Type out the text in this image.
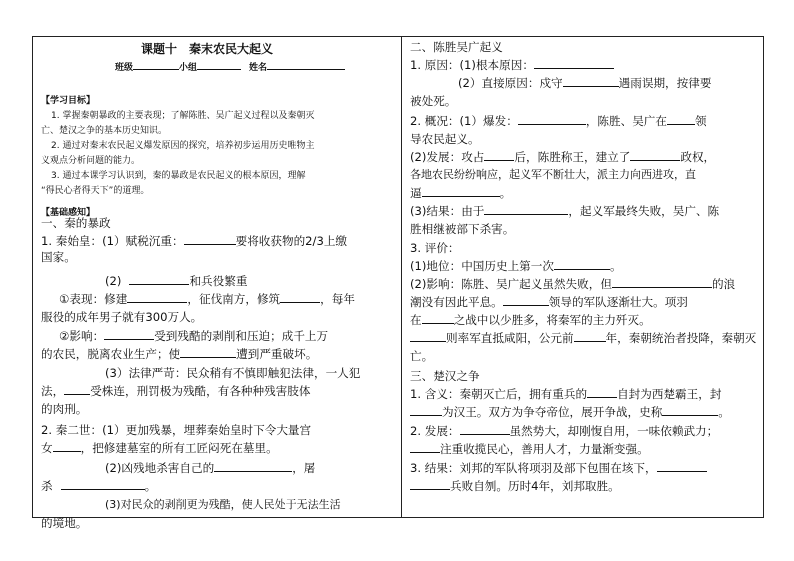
课题十　秦末农民大起义
班级	小组	姓名
【学习目标】
1. 掌握秦朝暴政的主要表现；了解陈胜、吴广起义过程以及秦朝灭
亡、楚汉之争的基本历史知识。
2. 通过对秦末农民起义爆发原因的探究，培养初步运用历史唯物主
义观点分析问题的能力。
3. 通过本课学习认识到，秦的暴政是农民起义的根本原因，理解
“得民心者得天下”的道理。
【基础感知】
一、秦的暴政
1. 秦始皇：(1）赋税沉重：	要将收获物的2/3上缴
国家。
(2)	和兵役繁重
①表现：修建	，征伐南方，修筑	，每年
服役的成年男子就有300万人。
②影响：	受到残酷的剥削和压迫；成千上万
的农民，脱离农业生产；使	遭到严重破坏。
(3）法律严苛：民众稍有不慎即触犯法律，一人犯
法， 受株连，刑罚极为残酷，有各种种残害肢体
的肉刑。
2. 秦二世：(1）更加残暴，埋葬秦始皇时下令大量宫
女 ，把修建墓室的所有工匠闷死在墓里。
(2)凶残地杀害自己的	，屠
杀	。
(3)对民众的剥削更为残酷，使人民处于无法生活
的境地。
二、陈胜吴广起义
1. 原因：(1)根本原因：
(2）直接原因：戍守	遇雨误期，按律要
被处死。
2. 概况：(1）爆发：	，陈胜、吴广在 领
导农民起义。
(2)发展：攻占	后，陈胜称王，建立了	政权，
各地农民纷纷响应，起义军不断壮大，派主力向西进攻，直
逼	。
(3)结果：由于	，起义军最终失败，吴广、陈
胜相继被部下杀害。
3. 评价：
(1)地位：中国历史上第一次	。
(2)影响：陈胜、吴广起义虽然失败，但	的浪
潮没有因此平息。	领导的军队逐渐壮大。项羽
在	之战中以少胜多，将秦军的主力歼灭。
则率军直抵咸阳，公元前	年，秦朝统治者投降，秦朝灭
亡。
三、楚汉之争
1. 含义：秦朝灭亡后，拥有重兵的	自封为西楚霸王，封
为汉王。双方为争夺帝位，展开争战，史称	。
2. 发展：	虽然势大，却刚愎自用，一味依赖武力；
注重收揽民心，善用人才，力量渐变强。
3. 结果：刘邦的军队将项羽及部下包围在垓下，
兵败自刎。历时4年，刘邦取胜。
